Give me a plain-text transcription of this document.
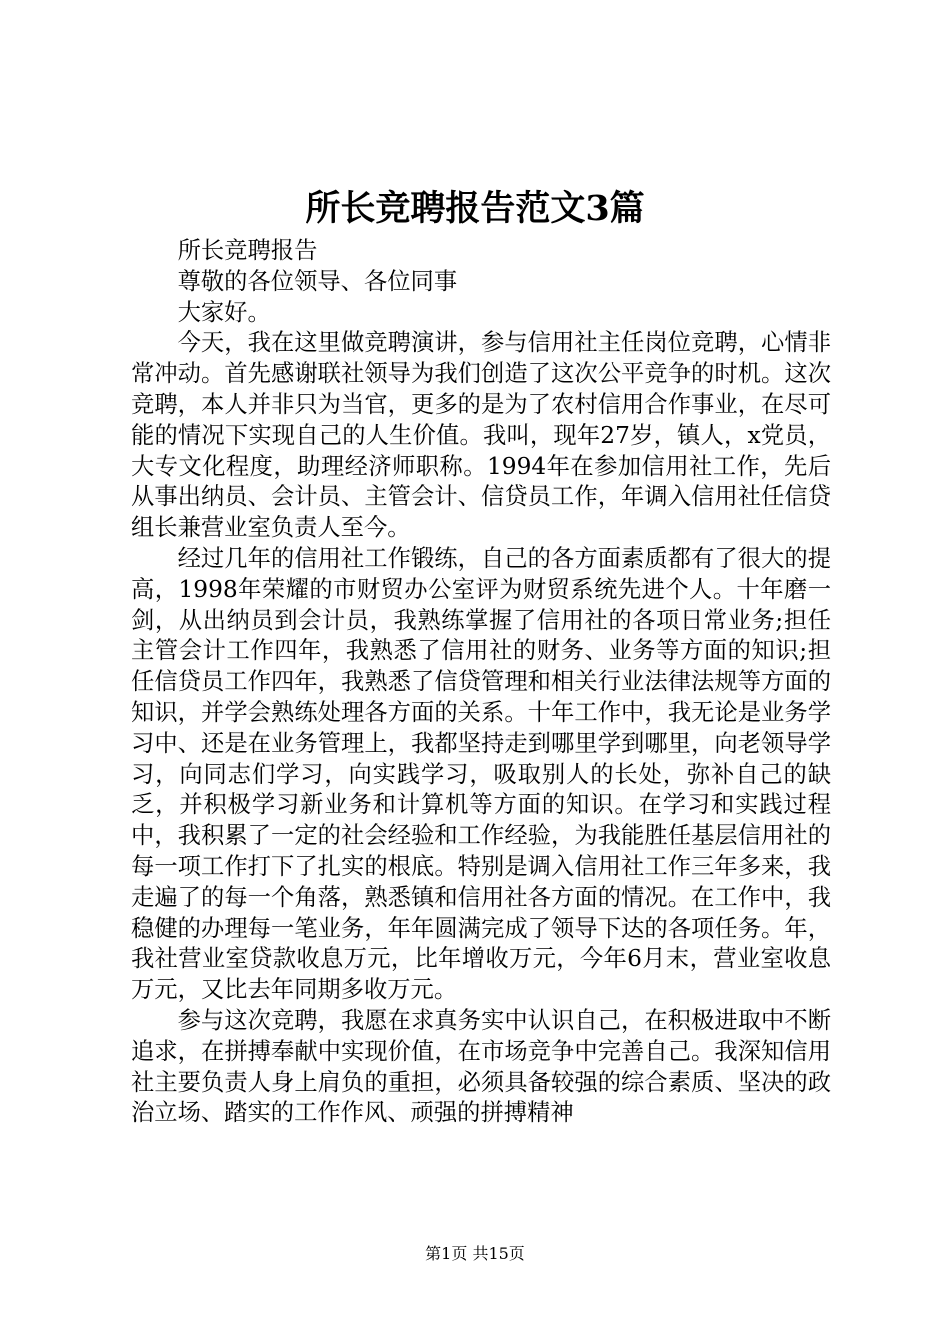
所长竞聘报告范文3篇

所长竞聘报告

尊敬的各位领导、各位同事

大家好。

今天，我在这里做竞聘演讲，参与信用社主任岗位竞聘，心情非常冲动。首先感谢联社领导为我们创造了这次公平竞争的时机。这次竞聘，本人并非只为当官，更多的是为了农村信用合作事业，在尽可能的情况下实现自己的人生价值。我叫，现年27岁，镇人，x党员，大专文化程度，助理经济师职称。1994年在参加信用社工作，先后从事出纳员、会计员、主管会计、信贷员工作，年调入信用社任信贷组长兼营业室负责人至今。

经过几年的信用社工作锻练，自己的各方面素质都有了很大的提高，1998年荣耀的市财贸办公室评为财贸系统先进个人。十年磨一剑，从出纳员到会计员，我熟练掌握了信用社的各项日常业务;担任主管会计工作四年，我熟悉了信用社的财务、业务等方面的知识;担任信贷员工作四年，我熟悉了信贷管理和相关行业法律法规等方面的知识，并学会熟练处理各方面的关系。十年工作中，我无论是业务学习中、还是在业务管理上，我都坚持走到哪里学到哪里，向老领导学习，向同志们学习，向实践学习，吸取别人的长处，弥补自己的缺乏，并积极学习新业务和计算机等方面的知识。在学习和实践过程中，我积累了一定的社会经验和工作经验，为我能胜任基层信用社的每一项工作打下了扎实的根底。特别是调入信用社工作三年多来，我走遍了的每一个角落，熟悉镇和信用社各方面的情况。在工作中，我稳健的办理每一笔业务，年年圆满完成了领导下达的各项任务。年，我社营业室贷款收息万元，比年增收万元，今年6月末，营业室收息万元，又比去年同期多收万元。

参与这次竞聘，我愿在求真务实中认识自己，在积极进取中不断追求，在拼搏奉献中实现价值，在市场竞争中完善自己。我深知信用社主要负责人身上肩负的重担，必须具备较强的综合素质、坚决的政治立场、踏实的工作作风、顽强的拼搏精神

第1页 共15页
